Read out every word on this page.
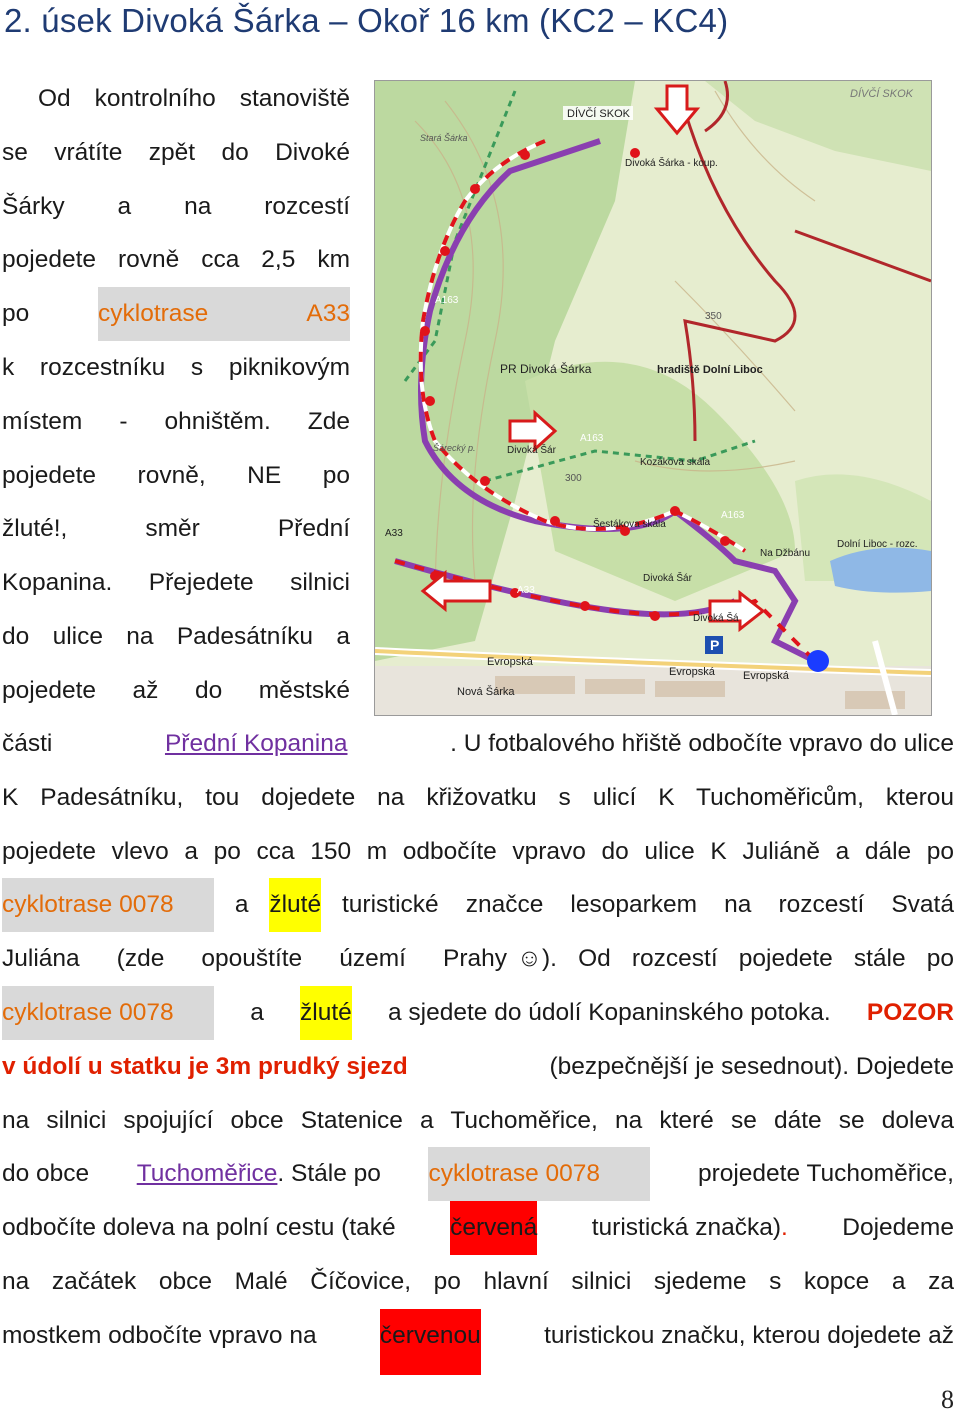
2. úsek Divoká Šárka – Okoř 16 km (KC2 – KC4)
Od kontrolního stanoviště
se vrátíte zpět do Divoké
Šárky a na rozcestí
pojedete rovně cca 2,5 km
po	cyklotrase	A33
k rozcestníku s piknikovým
místem - ohništěm. Zde
pojedete rovně, NE po
žluté!, směr Přední
Kopanina. Přejedete silnici
do ulice na Padesátníku a
pojedete až do městské
P
DÍVČÍ SKOK
DÍVČÍ SKOK
Divoká Šárka - koup.
Stará Šárka
PR Divoká Šárka	hradiště Dolní Liboc
Kozákova skála
Šestákova skála
Na Džbánu
Dolní Liboc - rozc.
Evropská
Evropská	Evropská
Nová Šárka
A163
A163
A163
A33
A33
Divoká Šár
Divoká Šár
Divoká Šá
350
300
Šárecký p.
části	Přední Kopanina	. U fotbalového hřiště odbočíte vpravo do ulice
K Padesátníku, tou dojedete na křižovatku s ulicí K Tuchoměřicům, kterou
pojedete vlevo a po cca 150 m odbočíte vpravo do ulice K Juliáně a dále po
cyklotrase 0078	a žluté turistické značce lesoparkem na rozcestí Svatá
Juliána (zde opouštíte území Prahy ☺ ). Od rozcestí pojedete stále po
cyklotrase 0078	a žluté a sjedete do údolí Kopaninského potoka. POZOR
v údolí u statku je 3m prudký sjezd	(bezpečnější je sesednout). Dojedete
na silnici spojující obce Statenice a Tuchoměřice, na které se dáte se doleva
do obce Tuchoměřice. Stále po cyklotrase 0078	projedete Tuchoměřice,
odbočíte doleva na polní cestu (také červená turistická značka). Dojedeme
na začátek obce Malé Číčovice, po hlavní silnici sjedeme s kopce a za
mostkem odbočíte vpravo na	červenou	turistickou značku, kterou dojedete až
8
